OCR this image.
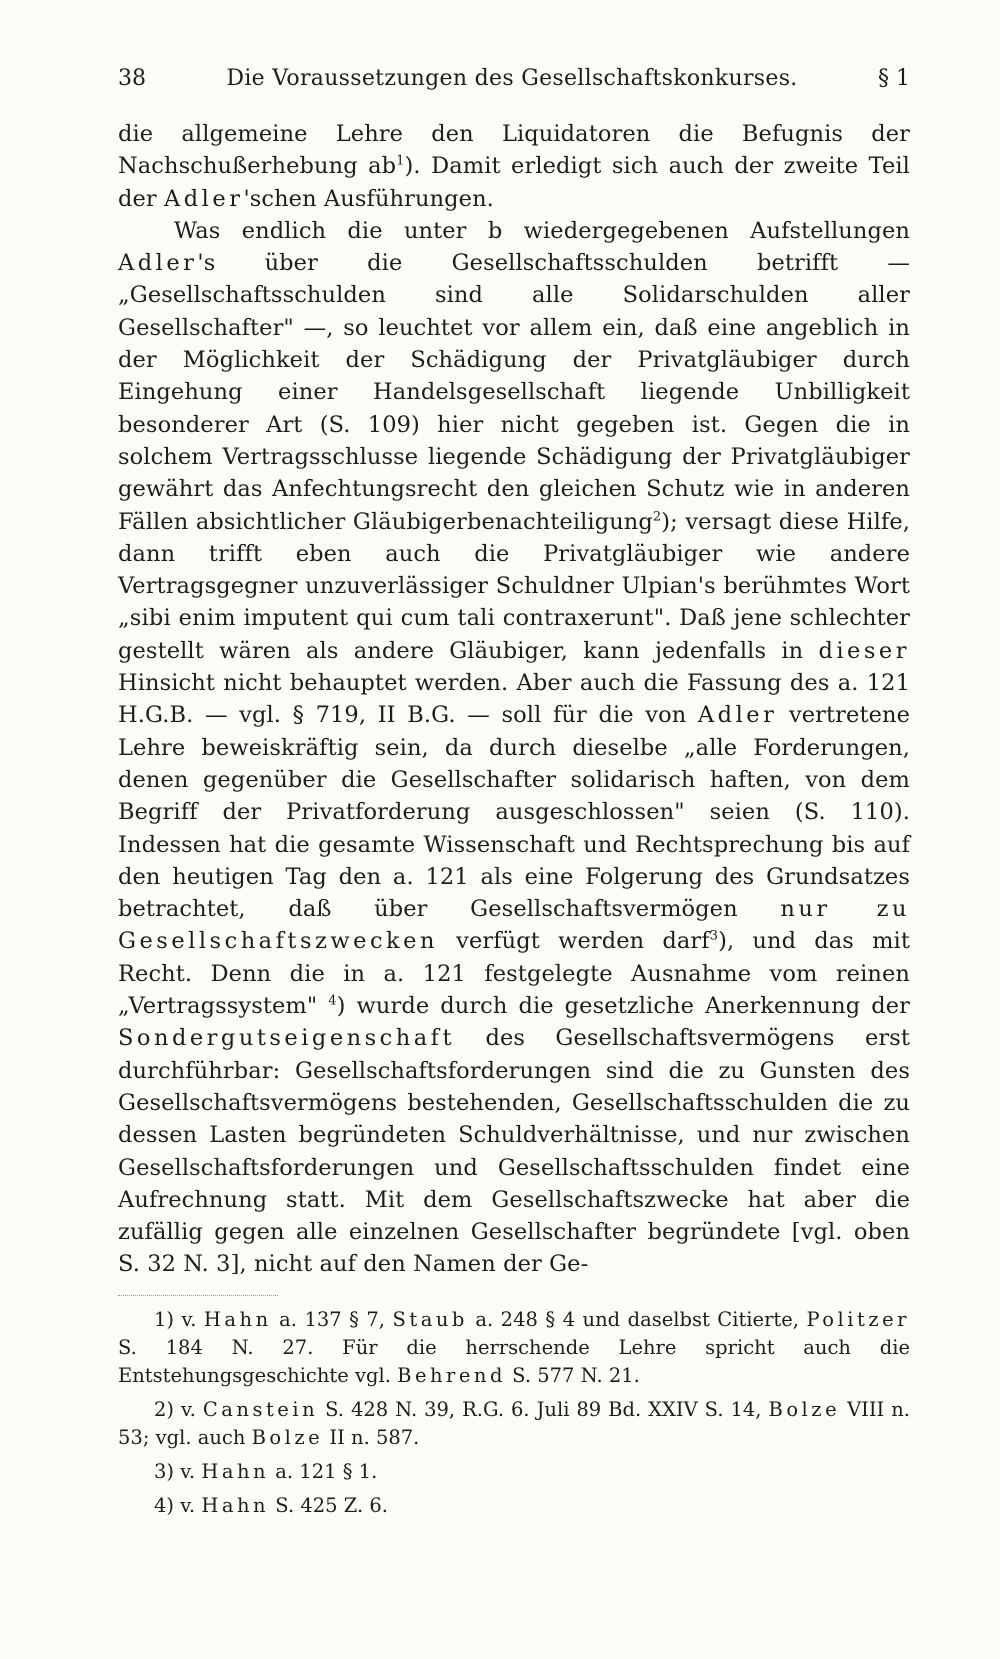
38	Die Voraussetzungen des Gesellschaftskonkurses.	§ 1

die allgemeine Lehre den Liquidatoren die Befugnis der Nachschußerhebung $ab^1$). Damit erledigt sich auch der zweite Teil der Adler'schen Ausführungen.

Was endlich die unter b wiedergegebenen Aufstellungen Adler's über die Gesellschaftsschulden betrifft — „Gesellschaftsschulden sind alle Solidarschulden aller Gesellschafter" —, so leuchtet vor allem ein, daß eine angeblich in der Möglichkeit der Schädigung der Privatgläubiger durch Eingehung einer Handelsgesellschaft liegende Unbilligkeit besonderer Art (S. 109) hier nicht gegeben ist. Gegen die in solchem Vertragsschlusse liegende Schädigung der Privatgläubiger gewährt das Anfechtungsrecht den gleichen Schutz wie in anderen Fällen absichtlicher Gläubigerbenachteiligung$^2$); versagt diese Hilfe, dann trifft eben auch die Privatgläubiger wie andere Vertragsgegner unzuverlässiger Schuldner Ulpian's berühmtes Wort „sibi enim imputent qui cum tali contraxerunt". Daß jene schlechter gestellt wären als andere Gläubiger, kann jedenfalls in dieser Hinsicht nicht behauptet werden. Aber auch die Fassung des a. 121 H.G.B. — vgl. § 719, II B.G. — soll für die von Adler vertretene Lehre beweiskräftig sein, da durch dieselbe „alle Forderungen, denen gegenüber die Gesellschafter solidarisch haften, von dem Begriff der Privatforderung ausgeschlossen" seien (S. 110). Indessen hat die gesamte Wissenschaft und Rechtsprechung bis auf den heutigen Tag den a. 121 als eine Folgerung des Grundsatzes betrachtet, daß über Gesellschaftsvermögen nur zu Gesellschaftszwecken verfügt werden darf$^3$), und das mit Recht. Denn die in a. 121 festgelegte Ausnahme vom reinen „Vertragssystem" $^4$) wurde durch die gesetzliche Anerkennung der Sondergutseigenschaft des Gesellschaftsvermögens erst durchführbar: Gesellschaftsforderungen sind die zu Gunsten des Gesellschaftsvermögens bestehenden, Gesellschaftsschulden die zu dessen Lasten begründeten Schuldverhältnisse, und nur zwischen Gesellschaftsforderungen und Gesellschaftsschulden findet eine Aufrechnung statt. Mit dem Gesellschaftszwecke hat aber die zufällig gegen alle einzelnen Gesellschafter begründete [vgl. oben S. 32 N. 3], nicht auf den Namen der Ge-

1) v. Hahn a. 137 § 7, Staub a. 248 § 4 und daselbst Citierte, Politzer S. 184 N. 27. Für die herrschende Lehre spricht auch die Entstehungsgeschichte vgl. Behrend S. 577 N. 21.

2) v. Canstein S. 428 N. 39, R.G. 6. Juli 89 Bd. XXIV S. 14, Bolze VIII n. 53; vgl. auch Bolze II n. 587.

3) v. Hahn a. 121 § 1.

4) v. Hahn S. 425 Z. 6.
